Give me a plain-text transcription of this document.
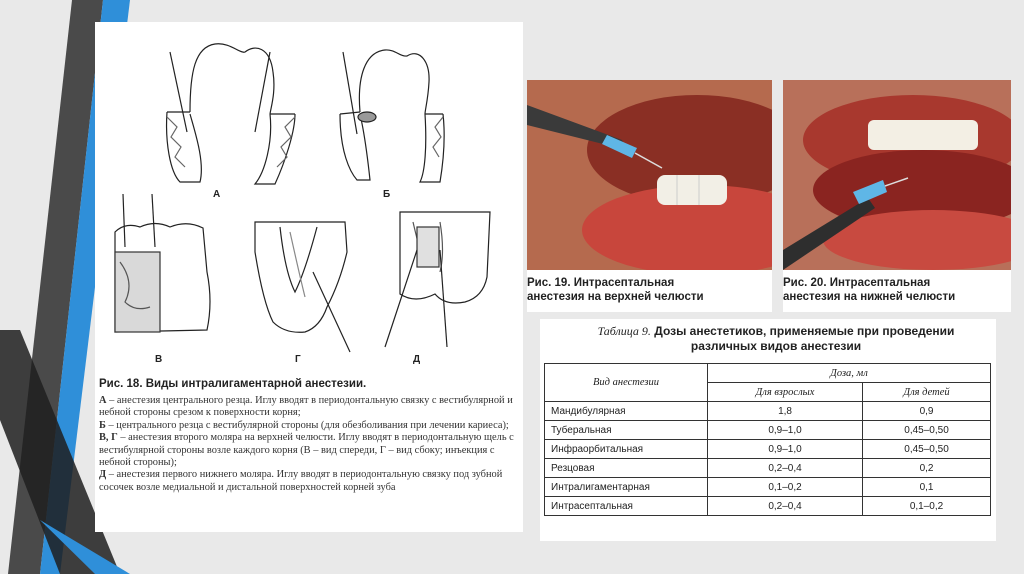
А	Б
В	Г	Д
Рис. 18. Виды интралигаментарной анестезии.
А – анестезия центрального резца. Иглу вводят в периодонтальную связку с вестибулярной и небной стороны срезом к поверхности корня;
Б – центрального резца с вестибулярной стороны (для обезболивания при лечении кариеса);
В, Г – анестезия второго моляра на верхней челюсти. Иглу вводят в периодонтальную щель с вестибулярной стороны возле каждого корня (В – вид спереди, Г – вид сбоку; инъекция с небной стороны);
Д – анестезия первого нижнего моляра. Иглу вводят в периодонтальную связку под зубной сосочек возле медиальной и дистальной поверхностей корней зуба
Рис. 19. Интрасептальная
анестезия на верхней челюсти
Рис. 20. Интрасептальная
анестезия на нижней челюсти
Таблица 9. Дозы анестетиков, применяемые при проведении
различных видов анестезии
Вид анестезии	Доза, мл	
	Для взрослых	Для детей
Мандибулярная	1,8	0,9
Туберальная	0,9–1,0	0,45–0,50
Инфраорбитальная	0,9–1,0	0,45–0,50
Резцовая	0,2–0,4	0,2
Интралигаментарная	0,1–0,2	0,1
Интрасептальная	0,2–0,4	0,1–0,2
